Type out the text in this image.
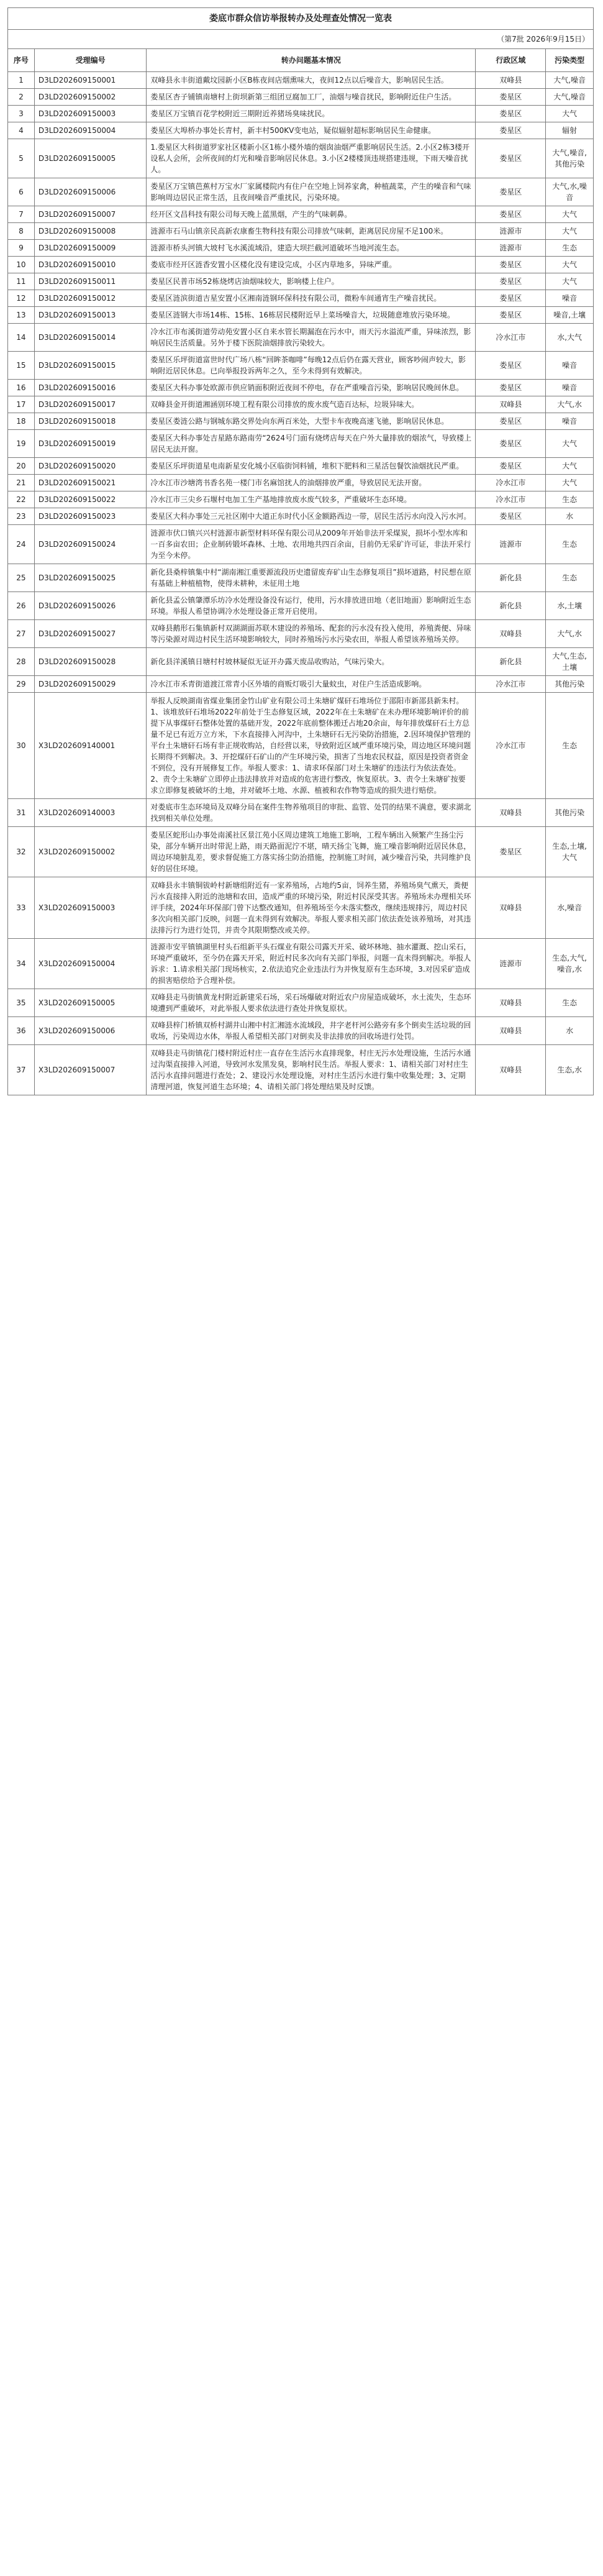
娄底市群众信访举报转办及处理查处情况一览表				
（第7批 2026年9月15日）				
序号	受理编号	转办问题基本情况	行政区域	污染类型
1	D3LD202609150001	双峰县永丰街道戴坟园新小区B栋夜间店烟熏味大，夜间12点以后噪音大，影响居民生活。	双峰县	大气,噪音
2	D3LD202609150002	娄星区杏子铺镇南塘村上街坝新第三组团豆腐加工厂，油烟与噪音扰民，影响附近住户生活。	娄星区	大气,噪音
3	D3LD202609150003	娄星区万宝镇百花学校附近三期附近养猪场臭味扰民。	娄星区	大气
4	D3LD202609150004	娄星区大埠桥办事处长青村，新丰村500KV变电站，疑似辐射超标影响居民生命健康。	娄星区	辐射
5	D3LD202609150005	1.娄星区大科街道罗家社区楼新小区1栋小楼外墙的烟囱油烟严重影响居民生活。2.小区2栋3楼开设私人会所，会所夜间的灯光和噪音影响居民休息。3.小区2楼楼顶违规搭建违规，下雨天噪音扰人。	娄星区	大气,噪音,其他污染
6	D3LD202609150006	娄星区万宝镇芭蕉村万宝水厂家属楼院内有住户在空地上饲养家禽，种植蔬菜，产生的噪音和气味影响周边居民正常生活，且夜间噪音严重扰民，污染环境。	娄星区	大气,水,噪音
7	D3LD202609150007	经开区文昌科技有限公司每天晚上蓝黑烟，产生的气味刺鼻。	娄星区	大气
8	D3LD202609150008	涟源市石马山镇亲民高新农康畜生物科技有限公司排放气味刺，距离居民房屋不足100米。	涟源市	大气
9	D3LD202609150009	涟源市桥头河镇大坡村飞水溪流域沿，建造大坝拦截河道破坏当地河流生态。	涟源市	生态
10	D3LD202609150010	娄底市经开区涟香安置小区楼化没有建设完成，小区内草地多，异味严重。	娄星区	大气
11	D3LD202609150011	娄星区民普市场52栋烧烤店油烟味较大，影响楼上住户。	娄星区	大气
12	D3LD202609150012	娄星区涟滨街道吉星安置小区湘南涟钢环保科技有限公司，微粉车间通宵生产噪音扰民。	娄星区	噪音
13	D3LD202609150013	娄星区涟钢大市场14栋、15栋、16栋居民楼附近早上菜场噪音大，垃圾随意堆放污染环境。	娄星区	噪音,土壤
14	D3LD202609150014	冷水江市布溪街道劳动苑安置小区自来水管长期漏泡在污水中，雨天污水溢流严重，异味浓烈，影响居民生活质量。另外于楼下医院油烟排放污染较大。	冷水江市	水,大气
15	D3LD202609150015	娄星区乐坪街道富世时代广场八栋“回眸茶咖啡”每晚12点后仍在露天营业，顾客吵闹声较大，影响附近居民休息。已向举报投诉两年之久，至今未得到有效解决。	娄星区	噪音
16	D3LD202609150016	娄星区大科办事处欧源市供应销面积附近夜间不停电，存在严重噪音污染，影响居民晚间休息。	娄星区	噪音
17	D3LD202609150017	双峰县金开街道湘涵别环境工程有限公司排放的废水废气造百达标，垃圾异味大。	双峰县	大气,水
18	D3LD202609150018	娄星区娄涟公路与钢城东路交界处向东两百米处，大型卡车夜晚高速飞驰，影响居民休息。	娄星区	噪音
19	D3LD202609150019	娄星区大科办事处吉星路东路南劳“2624号门面有烧烤店每天在户外大量排放的烟浓气，导致楼上居民无法开窗。	娄星区	大气
20	D3LD202609150020	娄星区乐坪街道星电南新星安化城小区临街饲料铺，堆积下肥料和三星活包餐饮油烟扰民严重。	娄星区	大气
21	D3LD202609150021	冷水江市沙塘湾书香名苑一楼门市名麻馆扰人的油烟排放严重，导致居民无法开窗。	冷水江市	大气
22	D3LD202609150022	冷水江市三尖乡石堰村电加工生产基地排放废水废气较多，严重破坏生态环境。	冷水江市	生态
23	D3LD202609150023	娄星区大科办事处三元社区刚中大道正东时代小区金额路西边一带，居民生活污水向没入污水河。	娄星区	水
24	D3LD202609150024	涟源市伏口镇兴兴村涟源市新型材料环保有限公司从2009年开始非法开采煤炭，损坏小型水库和一百多亩农田；企业制砖锻坏森林、土地、农用地共四百余亩，目前仍无采矿许可证，非法开采行为至今未停。	涟源市	生态
25	D3LD202609150025	新化县桑梓镇集中村“湖南湘江重要源流段历史遗留废弃矿山生态修复项目”损坏道路，村民想在原有基础上种植植物，使得未耕种，未征用土地	新化县	生态
26	D3LD202609150026	新化县孟公镇肇潭乐坊冷水处理设备没有运行，使用，污水排放进田地（老旧地面）影响附近生态环境。举报人希望协调冷水处理设备正常开启使用。	新化县	水,土壤
27	D3LD202609150027	双峰县鹅形石集镇新村双湖湖面苏联木建设的养殖场、配套的污水没有投入使用，养殖粪便、异味等污染源对周边村民生活环境影响较大，同时养殖场污水污染农田，举报人希望该养殖场关停。	双峰县	大气,水
28	D3LD202609150028	新化县洋溪镇日塘村村坡林疑似无证开办露天废品收购站，气味污染大。	新化县	大气,生态,土壤
29	D3LD202609150029	冷水江市禾青街道渡江常青小区外墙的商贩灯吸引大量蚊虫，对住户生活造成影响。	冷水江市	其他污染
30	X3LD202609140001	举报人反映湖南省煤业集团金竹山矿业有限公司土朱塘矿煤矸石堆场位于邵阳市新邵县新朱村。1、该堆放矸石堆场2022年前处于生态修复区域，2022年在土朱塘矿在未办理环境影响评价的前提下从事煤矸石整体处置的基础开发，2022年底前整体搬迁占地20余亩，每年排放煤矸石土方总量不足已有近万立方米，下水直接排入河沟中，土朱塘矸石无污染防治措施，2.因环境保护管理的平台土朱塘矸石场有非正规收购站，自经营以来，导致附近区域严重环境污染，周边地区环境问题长期得不到解决。3、开挖煤矸石矿山的产生环境污染，损害了当地农民权益，原因是投资者资金不到位，没有开展修复工作。举报人要求：1、请求环保部门对土朱塘矿的违法行为依法查处。2、责令土朱塘矿立即停止违法排放并对造成的危害进行整改，恢复原状。3、责令土朱塘矿按要求立即修复被破坏的土地，并对破坏土地、水源、植被和农作物等造成的损失进行赔偿。	冷水江市	生态
31	X3LD202609140003	对娄底市生态环境局及双峰分局在案件生物养殖项目的审批、监管、处罚的结果不满意，要求湖北找到相关单位处理。	双峰县	其他污染
32	X3LD202609150002	娄星区蛇形山办事处南溪社区景江苑小区周边建筑工地施工影响，工程车辆出入频繁产生扬尘污染，部分车辆开出时带泥上路，雨天路面泥泞不堪，晴天扬尘飞舞，施工噪音影响附近居民休息，周边环境脏乱差，要求督促施工方落实扬尘防治措施，控制施工时间，减少噪音污染，共同维护良好的居住环境。	娄星区	生态,土壤,大气
33	X3LD202609150003	双峰县永丰镇铜钹岭村新塘组附近有一家养殖场，占地约5亩，饲养生猪，养殖场臭气熏天，粪便污水直接排入附近的池塘和农田，造成严重的环境污染，附近村民深受其害。养殖场未办理相关环评手续，2024年环保部门曾下达整改通知，但养殖场至今未落实整改，继续违规排污，周边村民多次向相关部门反映，问题一直未得到有效解决。举报人要求相关部门依法查处该养殖场，对其违法排污行为进行处罚，并责令其限期整改或关停。	双峰县	水,噪音
34	X3LD202609150004	涟源市安平镇镇湖里村头石组新平头石煤业有限公司露天开采、破坏林地、抽水灌溉、挖山采石，环境严重破坏，至今仍在露天开采，附近村民多次向有关部门举报，问题一直未得到解决。举报人诉求：1.请求相关部门现场核实，2.依法追究企业违法行为并恢复原有生态环境，3.对因采矿造成的损害赔偿给予合理补偿。	涟源市	生态,大气,噪音,水
35	X3LD202609150005	双峰县走马街镇黄龙村附近新建采石场，采石场爆破对附近农户房屋造成破坏，水土流失，生态环境遭到严重破坏，对此举报人要求依法进行查处并恢复原状。	双峰县	生态
36	X3LD202609150006	双峰县梓门桥镇双桥村湖井山湘中村汇湘涟水流域段，井字老杆河公路旁有多个倒卖生活垃圾的回收场，污染周边水体，举报人希望相关部门对倒卖及非法排放的回收场进行处罚。	双峰县	水
37	X3LD202609150007	双峰县走马街镇花门楼村附近村庄一直存在生活污水直排现象，村庄无污水处理设施，生活污水通过沟渠直接排入河道，导致河水发黑发臭，影响村民生活。举报人要求：1、请相关部门对村庄生活污水直排问题进行查处；2、建设污水处理设施，对村庄生活污水进行集中收集处理；3、定期清理河道，恢复河道生态环境；4、请相关部门将处理结果及时反馈。	双峰县	生态,水
